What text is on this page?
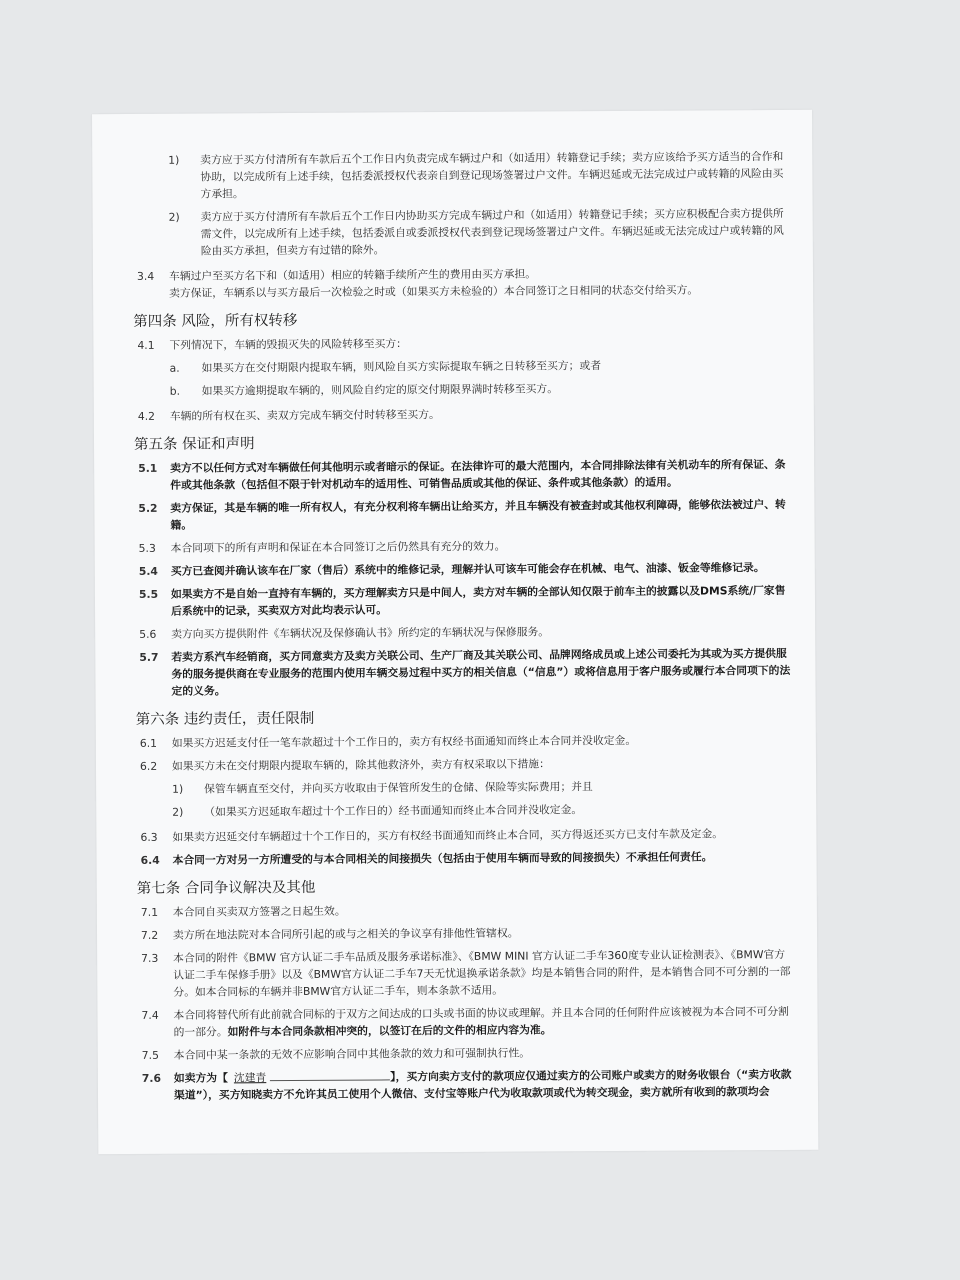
1) 卖方应于买方付清所有车款后五个工作日内负责完成车辆过户和（如适用）转籍登记手续；卖方应该给予买方适当的合作和协助，以完成所有上述手续，包括委派授权代表亲自到登记现场签署过户文件。车辆迟延或无法完成过户或转籍的风险由买方承担。
2) 卖方应于买方付清所有车款后五个工作日内协助买方完成车辆过户和（如适用）转籍登记手续；买方应积极配合卖方提供所需文件，以完成所有上述手续，包括委派自或委派授权代表到登记现场签署过户文件。车辆迟延或无法完成过户或转籍的风险由买方承担，但卖方有过错的除外。
3.4 车辆过户至买方名下和（如适用）相应的转籍手续所产生的费用由买方承担。
卖方保证，车辆系以与买方最后一次检验之时或（如果买方未检验的）本合同签订之日相同的状态交付给买方。
第四条 风险，所有权转移
4.1 下列情况下，车辆的毁损灭失的风险转移至买方：
a. 如果买方在交付期限内提取车辆，则风险自买方实际提取车辆之日转移至买方；或者
b. 如果买方逾期提取车辆的，则风险自约定的原交付期限界满时转移至买方。
4.2 车辆的所有权在买、卖双方完成车辆交付时转移至买方。
第五条 保证和声明
5.1 卖方不以任何方式对车辆做任何其他明示或者暗示的保证。在法律许可的最大范围内，本合同排除法律有关机动车的所有保证、条件或其他条款（包括但不限于针对机动车的适用性、可销售品质或其他的保证、条件或其他条款）的适用。
5.2 卖方保证，其是车辆的唯一所有权人，有充分权利将车辆出让给买方，并且车辆没有被查封或其他权利障碍，能够依法被过户、转籍。
5.3 本合同项下的所有声明和保证在本合同签订之后仍然具有充分的效力。
5.4 买方已查阅并确认该车在厂家（售后）系统中的维修记录，理解并认可该车可能会存在机械、电气、油漆、钣金等维修记录。
5.5 如果卖方不是自始一直持有车辆的，买方理解卖方只是中间人，卖方对车辆的全部认知仅限于前车主的披露以及DMS系统/厂家售后系统中的记录，买卖双方对此均表示认可。
5.6 卖方向买方提供附件《车辆状况及保修确认书》所约定的车辆状况与保修服务。
5.7 若卖方系汽车经销商，买方同意卖方及卖方关联公司、生产厂商及其关联公司、品牌网络成员或上述公司委托为其或为买方提供服务的服务提供商在专业服务的范围内使用车辆交易过程中买方的相关信息（“信息”）或将信息用于客户服务或履行本合同项下的法定的义务。
第六条 违约责任，责任限制
6.1 如果买方迟延支付任一笔车款超过十个工作日的，卖方有权经书面通知而终止本合同并没收定金。
6.2 如果买方未在交付期限内提取车辆的，除其他救济外，卖方有权采取以下措施：
1) 保管车辆直至交付，并向买方收取由于保管所发生的仓储、保险等实际费用；并且
2) （如果买方迟延取车超过十个工作日的）经书面通知而终止本合同并没收定金。
6.3 如果卖方迟延交付车辆超过十个工作日的，买方有权经书面通知而终止本合同，买方得返还买方已支付车款及定金。
6.4 本合同一方对另一方所遭受的与本合同相关的间接损失（包括由于使用车辆而导致的间接损失）不承担任何责任。
第七条 合同争议解决及其他
7.1 本合同自买卖双方签署之日起生效。
7.2 卖方所在地法院对本合同所引起的或与之相关的争议享有排他性管辖权。
7.3 本合同的附件《BMW 官方认证二手车品质及服务承诺标准》、《BMW MINI 官方认证二手车360度专业认证检测表》、《BMW官方认证二手车保修手册》以及《BMW官方认证二手车7天无忧退换承诺条款》均是本销售合同的附件，是本销售合同不可分割的一部分。如本合同标的车辆并非BMW官方认证二手车，则本条款不适用。
7.4 本合同将替代所有此前就合同标的于双方之间达成的口头或书面的协议或理解。并且本合同的任何附件应该被视为本合同不可分割的一部分。如附件与本合同条款相冲突的，以签订在后的文件的相应内容为准。
7.5 本合同中某一条款的无效不应影响合同中其他条款的效力和可强制执行性。
7.6 如卖方为【 沈建青	】，买方向卖方支付的款项应仅通过卖方的公司账户或卖方的财务收银台（“卖方收款渠道”），买方知晓卖方不允许其员工使用个人微信、支付宝等账户代为收取款项或代为转交现金，卖方就所有收到的款项均会
